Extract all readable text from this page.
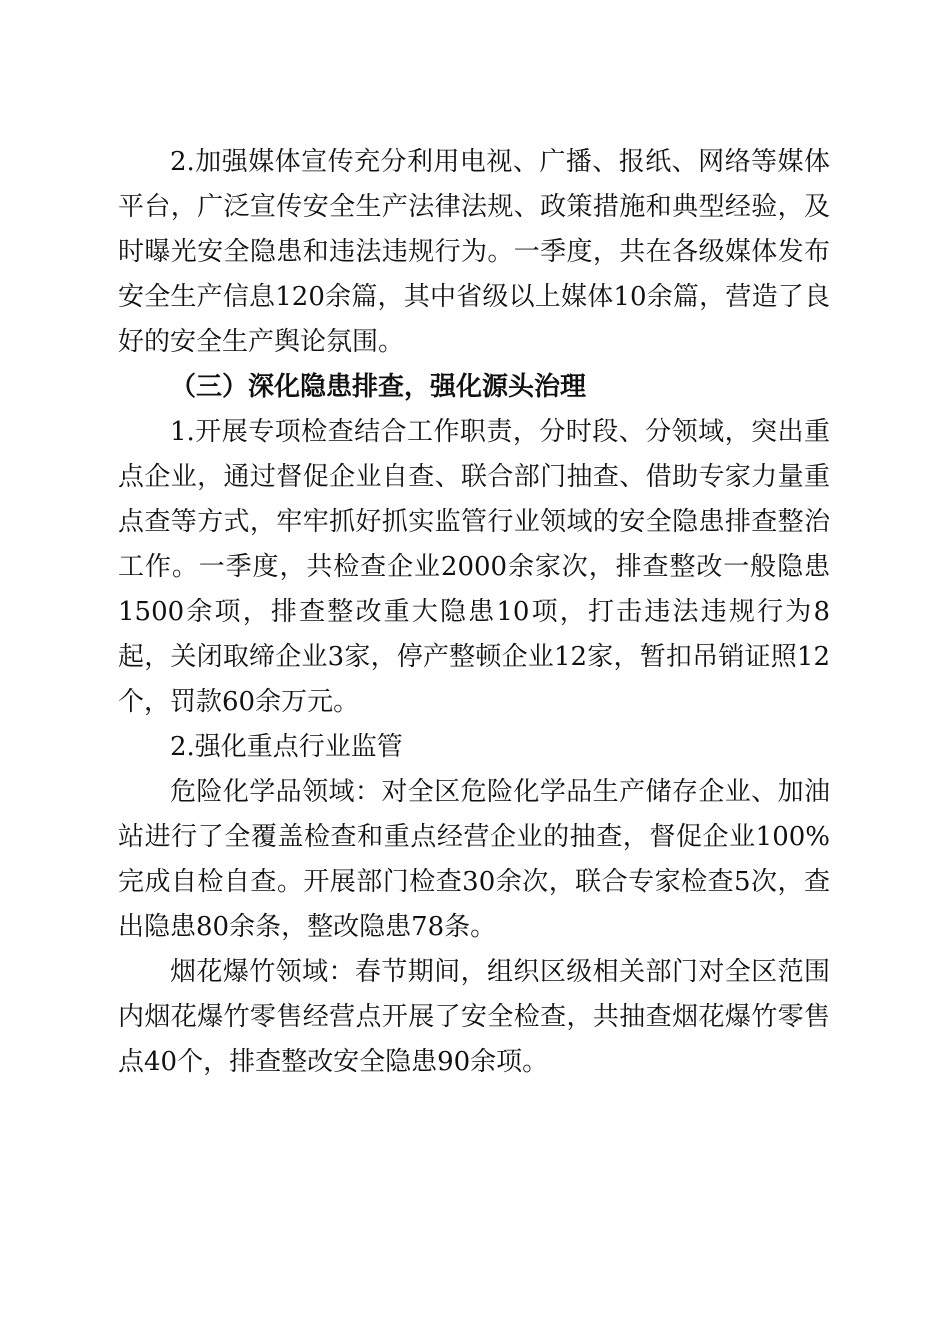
2.加强媒体宣传充分利用电视、广播、报纸、网络等媒体平台，广泛宣传安全生产法律法规、政策措施和典型经验，及时曝光安全隐患和违法违规行为。一季度，共在各级媒体发布安全生产信息120余篇，其中省级以上媒体10余篇，营造了良好的安全生产舆论氛围。

（三）深化隐患排查，强化源头治理

1.开展专项检查结合工作职责，分时段、分领域，突出重点企业，通过督促企业自查、联合部门抽查、借助专家力量重点查等方式，牢牢抓好抓实监管行业领域的安全隐患排查整治工作。一季度，共检查企业2000余家次，排查整改一般隐患1500余项，排查整改重大隐患10项，打击违法违规行为8起，关闭取缔企业3家，停产整顿企业12家，暂扣吊销证照12个，罚款60余万元。

2.强化重点行业监管

危险化学品领域：对全区危险化学品生产储存企业、加油站进行了全覆盖检查和重点经营企业的抽查，督促企业100%完成自检自查。开展部门检查30余次，联合专家检查5次，查出隐患80余条，整改隐患78条。

烟花爆竹领域：春节期间，组织区级相关部门对全区范围内烟花爆竹零售经营点开展了安全检查，共抽查烟花爆竹零售点40个，排查整改安全隐患90余项。
